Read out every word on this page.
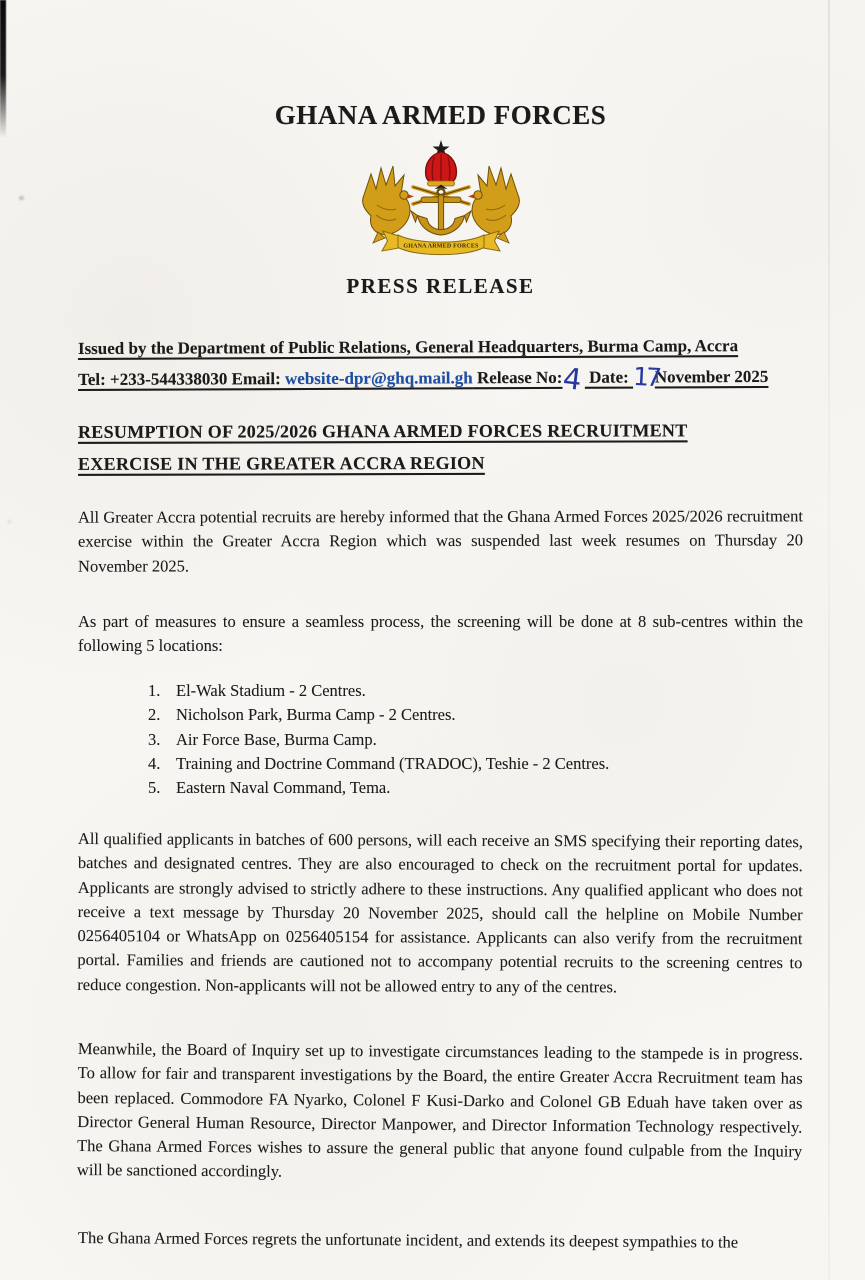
GHANA ARMED FORCES
GHANA ARMED FORCES
PRESS RELEASE
Issued by the Department of Public Relations, General Headquarters, Burma Camp, Accra
Tel: +233-544338030 Email: website-dpr@ghq.mail.gh Release No:4 Date: 17November 2025
RESUMPTION OF 2025/2026 GHANA ARMED FORCES RECRUITMENT EXERCISE IN THE GREATER ACCRA REGION
All Greater Accra potential recruits are hereby informed that the Ghana Armed Forces 2025/2026 recruitment exercise within the Greater Accra Region which was suspended last week resumes on Thursday 20 November 2025.
As part of measures to ensure a seamless process, the screening will be done at 8 sub-centres within the following 5 locations:
1. El-Wak Stadium - 2 Centres.
2. Nicholson Park, Burma Camp - 2 Centres.
3. Air Force Base, Burma Camp.
4. Training and Doctrine Command (TRADOC), Teshie - 2 Centres.
5. Eastern Naval Command, Tema.
All qualified applicants in batches of 600 persons, will each receive an SMS specifying their reporting dates, batches and designated centres. They are also encouraged to check on the recruitment portal for updates. Applicants are strongly advised to strictly adhere to these instructions. Any qualified applicant who does not receive a text message by Thursday 20 November 2025, should call the helpline on Mobile Number 0256405104 or WhatsApp on 0256405154 for assistance. Applicants can also verify from the recruitment portal. Families and friends are cautioned not to accompany potential recruits to the screening centres to reduce congestion. Non-applicants will not be allowed entry to any of the centres.
Meanwhile, the Board of Inquiry set up to investigate circumstances leading to the stampede is in progress. To allow for fair and transparent investigations by the Board, the entire Greater Accra Recruitment team has been replaced. Commodore FA Nyarko, Colonel F Kusi-Darko and Colonel GB Eduah have taken over as Director General Human Resource, Director Manpower, and Director Information Technology respectively. The Ghana Armed Forces wishes to assure the general public that anyone found culpable from the Inquiry will be sanctioned accordingly.
The Ghana Armed Forces regrets the unfortunate incident, and extends its deepest sympathies to the
